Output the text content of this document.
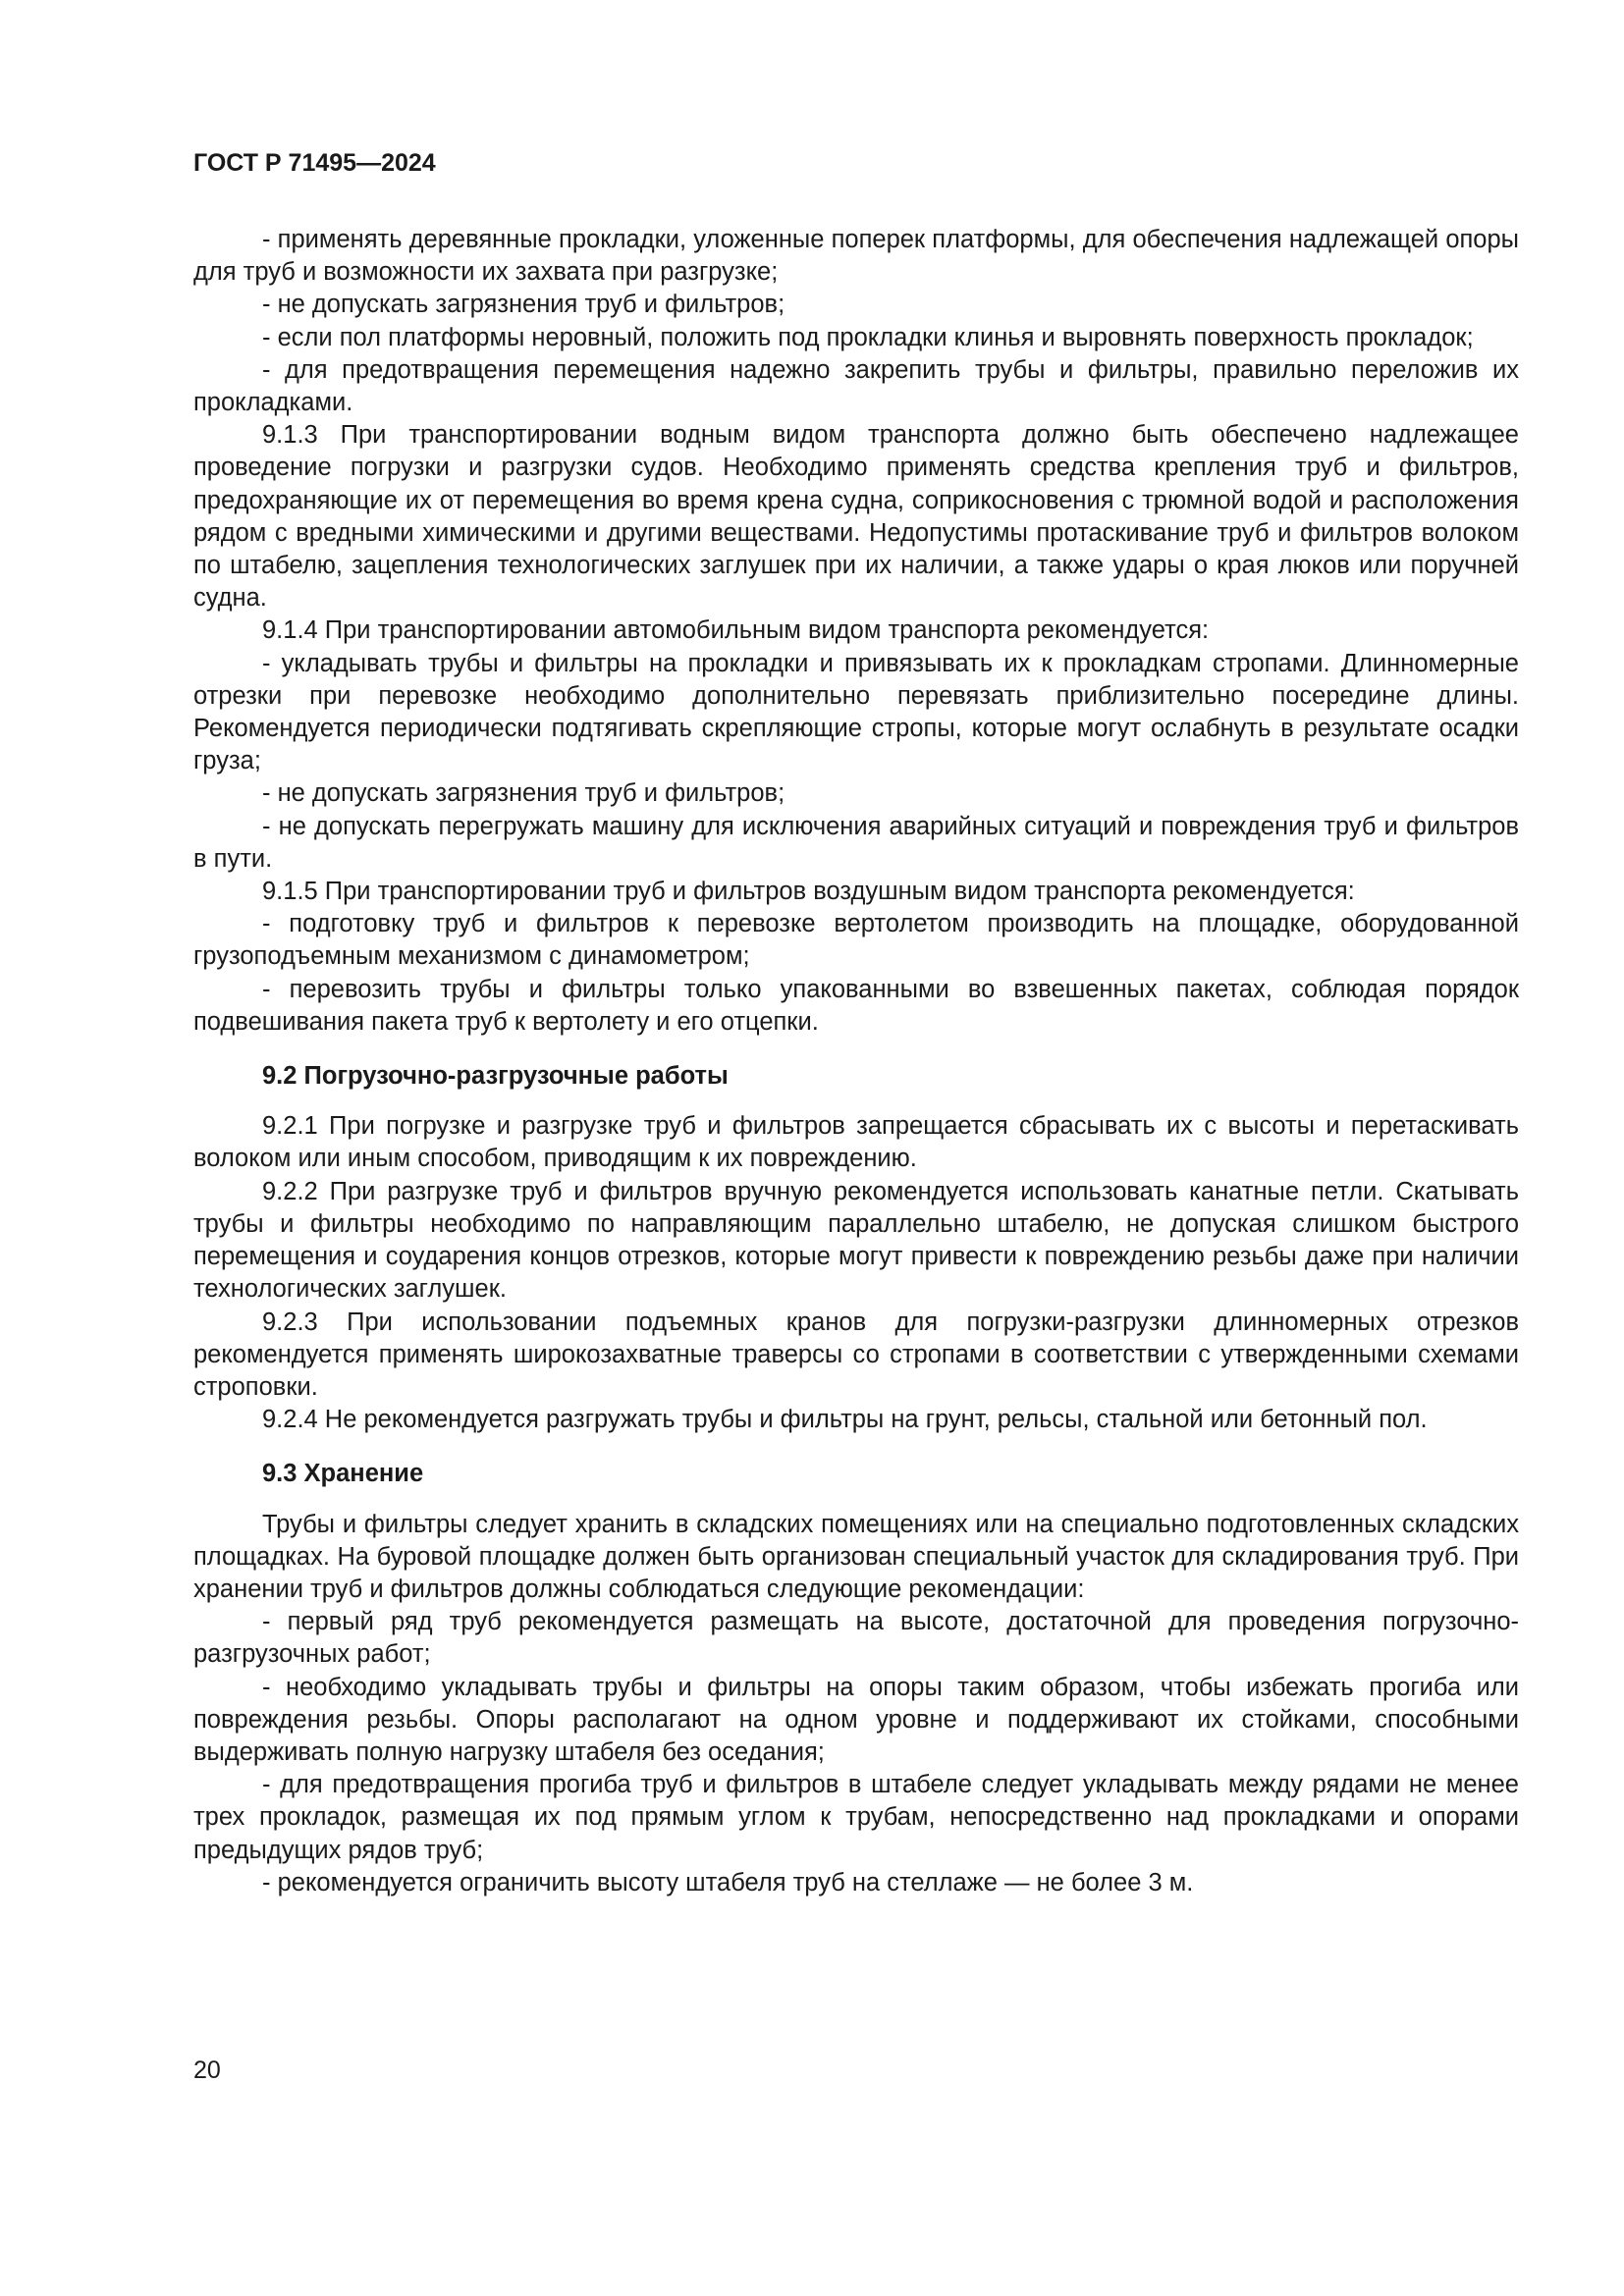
ГОСТ Р 71495—2024

- применять деревянные прокладки, уложенные поперек платформы, для обеспечения надлежащей опоры для труб и возможности их захвата при разгрузке;

- не допускать загрязнения труб и фильтров;

- если пол платформы неровный, положить под прокладки клинья и выровнять поверхность прокладок;

- для предотвращения перемещения надежно закрепить трубы и фильтры, правильно переложив их прокладками.

9.1.3 При транспортировании водным видом транспорта должно быть обеспечено надлежащее проведение погрузки и разгрузки судов. Необходимо применять средства крепления труб и фильтров, предохраняющие их от перемещения во время крена судна, соприкосновения с трюмной водой и расположения рядом с вредными химическими и другими веществами. Недопустимы протаскивание труб и фильтров волоком по штабелю, зацепления технологических заглушек при их наличии, а также удары о края люков или поручней судна.

9.1.4 При транспортировании автомобильным видом транспорта рекомендуется:

- укладывать трубы и фильтры на прокладки и привязывать их к прокладкам стропами. Длинномерные отрезки при перевозке необходимо дополнительно перевязать приблизительно посередине длины. Рекомендуется периодически подтягивать скрепляющие стропы, которые могут ослабнуть в результате осадки груза;

- не допускать загрязнения труб и фильтров;

- не допускать перегружать машину для исключения аварийных ситуаций и повреждения труб и фильтров в пути.

9.1.5 При транспортировании труб и фильтров воздушным видом транспорта рекомендуется:

- подготовку труб и фильтров к перевозке вертолетом производить на площадке, оборудованной грузоподъемным механизмом с динамометром;

- перевозить трубы и фильтры только упакованными во взвешенных пакетах, соблюдая порядок подвешивания пакета труб к вертолету и его отцепки.

9.2 Погрузочно-разгрузочные работы

9.2.1 При погрузке и разгрузке труб и фильтров запрещается сбрасывать их с высоты и перетаскивать волоком или иным способом, приводящим к их повреждению.

9.2.2 При разгрузке труб и фильтров вручную рекомендуется использовать канатные петли. Скатывать трубы и фильтры необходимо по направляющим параллельно штабелю, не допуская слишком быстрого перемещения и соударения концов отрезков, которые могут привести к повреждению резьбы даже при наличии технологических заглушек.

9.2.3 При использовании подъемных кранов для погрузки-разгрузки длинномерных отрезков рекомендуется применять широкозахватные траверсы со стропами в соответствии с утвержденными схемами строповки.

9.2.4 Не рекомендуется разгружать трубы и фильтры на грунт, рельсы, стальной или бетонный пол.

9.3 Хранение

Трубы и фильтры следует хранить в складских помещениях или на специально подготовленных складских площадках. На буровой площадке должен быть организован специальный участок для складирования труб. При хранении труб и фильтров должны соблюдаться следующие рекомендации:

- первый ряд труб рекомендуется размещать на высоте, достаточной для проведения погрузочно-разгрузочных работ;

- необходимо укладывать трубы и фильтры на опоры таким образом, чтобы избежать прогиба или повреждения резьбы. Опоры располагают на одном уровне и поддерживают их стойками, способными выдерживать полную нагрузку штабеля без оседания;

- для предотвращения прогиба труб и фильтров в штабеле следует укладывать между рядами не менее трех прокладок, размещая их под прямым углом к трубам, непосредственно над прокладками и опорами предыдущих рядов труб;

- рекомендуется ограничить высоту штабеля труб на стеллаже — не более 3 м.

20
